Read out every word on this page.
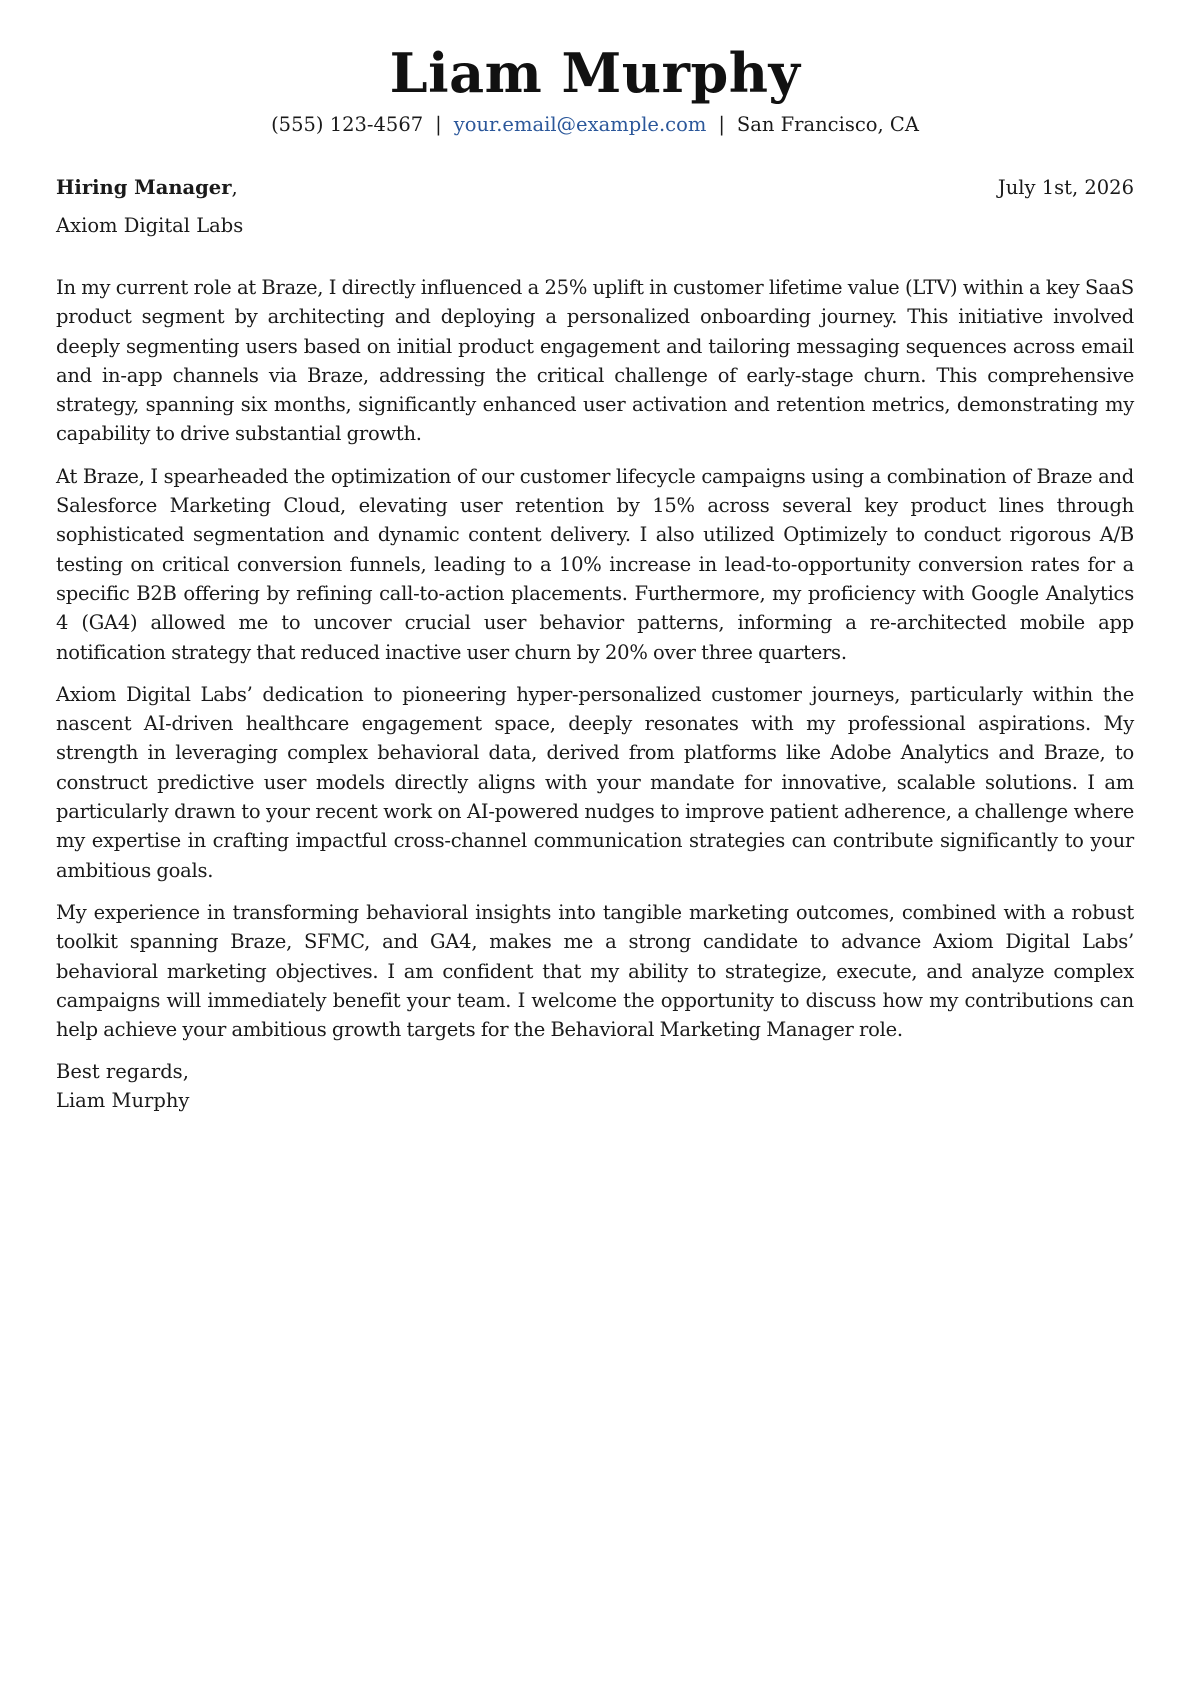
Liam Murphy
(555) 123-4567 | your.email@example.com | San Francisco, CA
Hiring Manager,	July 1st, 2026
Axiom Digital Labs

In my current role at Braze, I directly influenced a 25% uplift in customer lifetime value (LTV) within a key SaaS product segment by architecting and deploying a personalized onboarding journey. This initiative involved deeply segmenting users based on initial product engagement and tailoring messaging sequences across email and in-app channels via Braze, addressing the critical challenge of early-stage churn. This comprehensive strategy, spanning six months, significantly enhanced user activation and retention metrics, demonstrating my capability to drive substantial growth.

At Braze, I spearheaded the optimization of our customer lifecycle campaigns using a combination of Braze and Salesforce Marketing Cloud, elevating user retention by 15% across several key product lines through sophisticated segmentation and dynamic content delivery. I also utilized Optimizely to conduct rigorous A/B testing on critical conversion funnels, leading to a 10% increase in lead-to-opportunity conversion rates for a specific B2B offering by refining call-to-action placements. Furthermore, my proficiency with Google Analytics 4 (GA4) allowed me to uncover crucial user behavior patterns, informing a re-architected mobile app notification strategy that reduced inactive user churn by 20% over three quarters.

Axiom Digital Labs’ dedication to pioneering hyper-personalized customer journeys, particularly within the nascent AI-driven healthcare engagement space, deeply resonates with my professional aspirations. My strength in leveraging complex behavioral data, derived from platforms like Adobe Analytics and Braze, to construct predictive user models directly aligns with your mandate for innovative, scalable solutions. I am particularly drawn to your recent work on AI-powered nudges to improve patient adherence, a challenge where my expertise in crafting impactful cross-channel communication strategies can contribute significantly to your ambitious goals.

My experience in transforming behavioral insights into tangible marketing outcomes, combined with a robust toolkit spanning Braze, SFMC, and GA4, makes me a strong candidate to advance Axiom Digital Labs’ behavioral marketing objectives. I am confident that my ability to strategize, execute, and analyze complex campaigns will immediately benefit your team. I welcome the opportunity to discuss how my contributions can help achieve your ambitious growth targets for the Behavioral Marketing Manager role.

Best regards,
Liam Murphy
